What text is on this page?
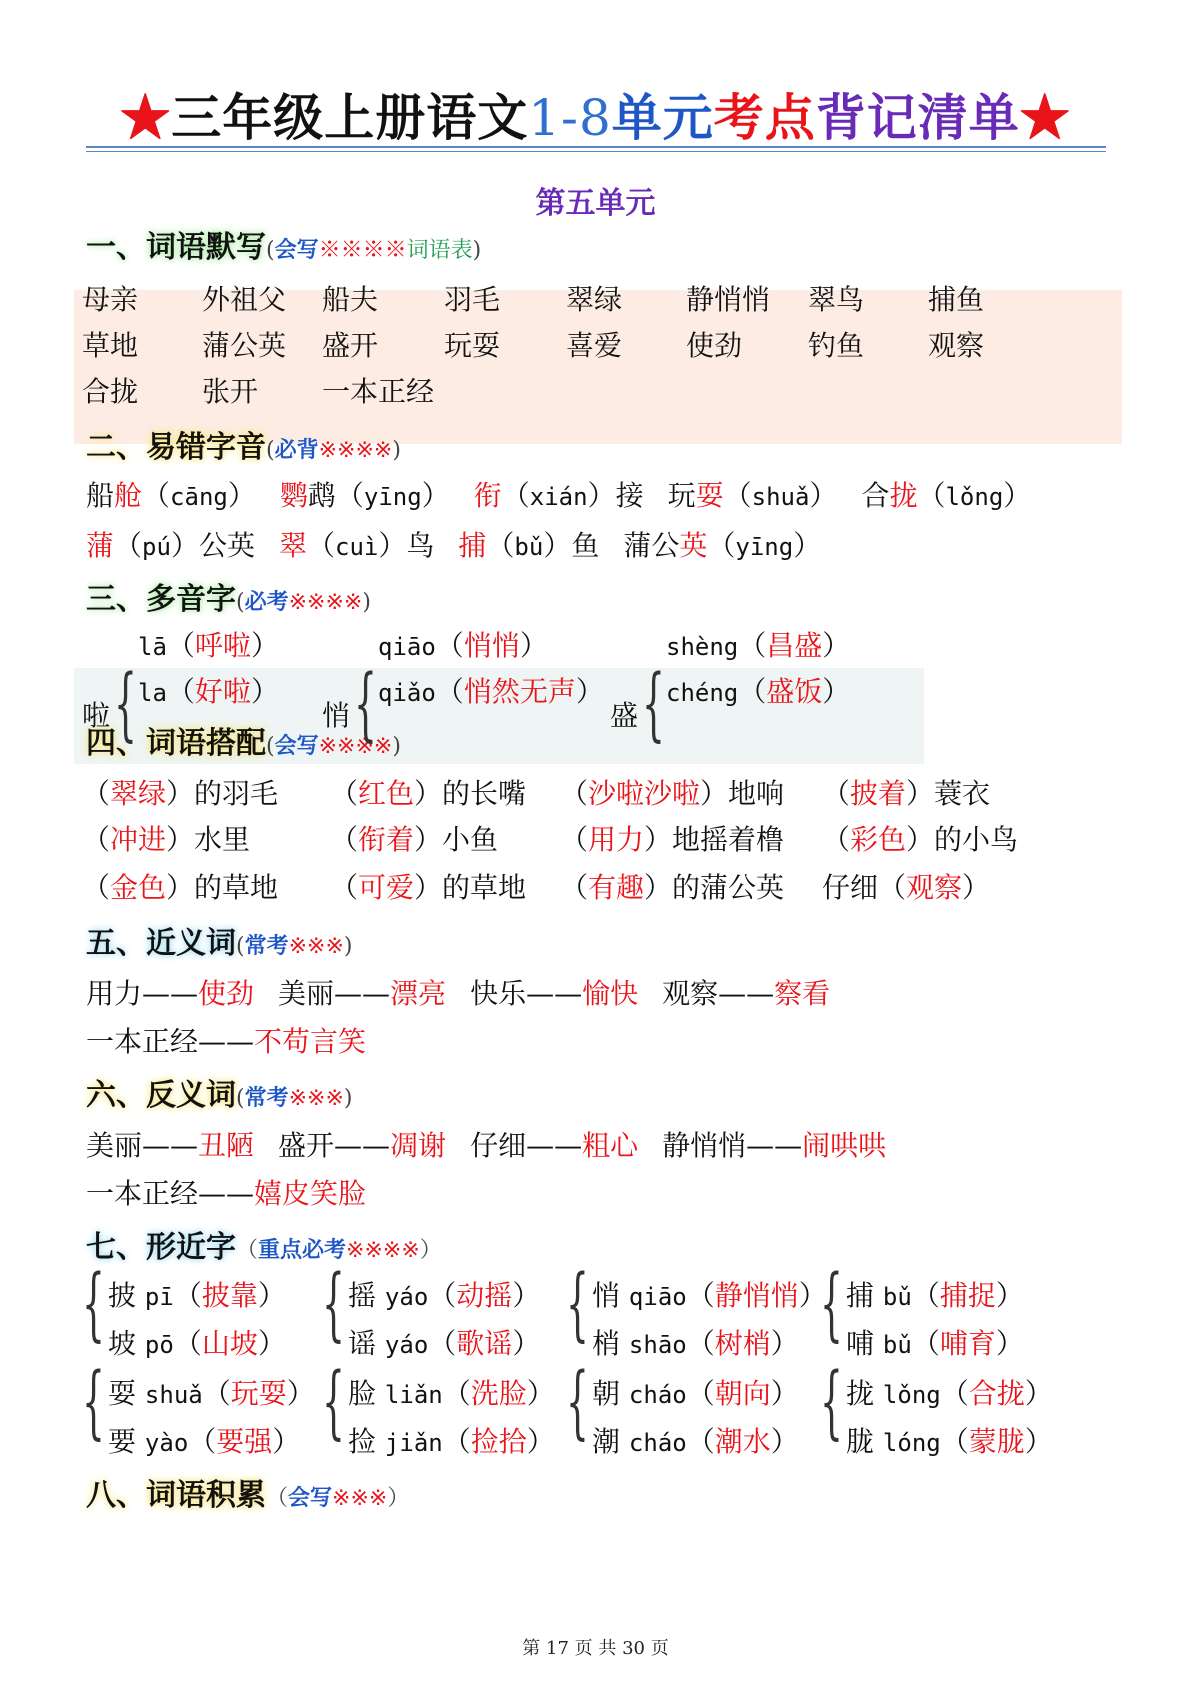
★三年级上册语文1-8单元考点背记清单★
第五单元
一、词语默写(会写※※※※词语表)
二、易错字音(必背※※※※)
船舱（cāng） 鹦鹉（yīng） 衔（xián）接 玩耍（shuǎ） 合拢（lǒng）
蒲（pú）公英 翠（cuì）鸟 捕（bǔ）鱼 蒲公英（yīng）
三、多音字(必考※※※※)
四、词语搭配(会写※※※※)
五、近义词(常考※※※)
用力——使劲 美丽——漂亮 快乐——愉快 观察——察看
一本正经——不苟言笑
六、反义词(常考※※※)
美丽——丑陋 盛开——凋谢 仔细——粗心 静悄悄——闹哄哄
一本正经——嬉皮笑脸
七、形近字（重点必考※※※※）
八、词语积累（会写※※※）
第 17 页 共 30 页
母亲 外祖父 船夫 羽毛 翠绿 静悄悄 翠鸟 捕鱼
草地 蒲公英 盛开 玩耍 喜爱 使劲 钓鱼 观察
合拢 张开 一本正经
啦 {
lā（呼啦）
la（好啦）
悄 {
qiāo（悄悄）
qiǎo（悄然无声）
盛 {
shèng（昌盛）
chéng（盛饭）
（翠绿）的羽毛 （红色）的长嘴 （沙啦沙啦）地响 （披着）蓑衣
（冲进）水里	（衔着）小鱼 （用力）地摇着橹 （彩色）的小鸟
（金色）的草地 （可爱）的草地 （有趣）的蒲公英 仔细（观察）
{ 披 pī（披靠）
坡 pō（山坡） { 摇 yáo（动摇）
谣 yáo（歌谣） { 悄 qiāo（静悄悄）
梢 shāo（树梢） { 捕 bǔ（捕捉）
哺 bǔ（哺育）
{ 耍 shuǎ（玩耍）
要 yào（要强） { 脸 liǎn（洗脸）
捡 jiǎn（捡拾） { 朝 cháo（朝向）
潮 cháo（潮水） { 拢 lǒng（合拢）
胧 lóng（蒙胧）
